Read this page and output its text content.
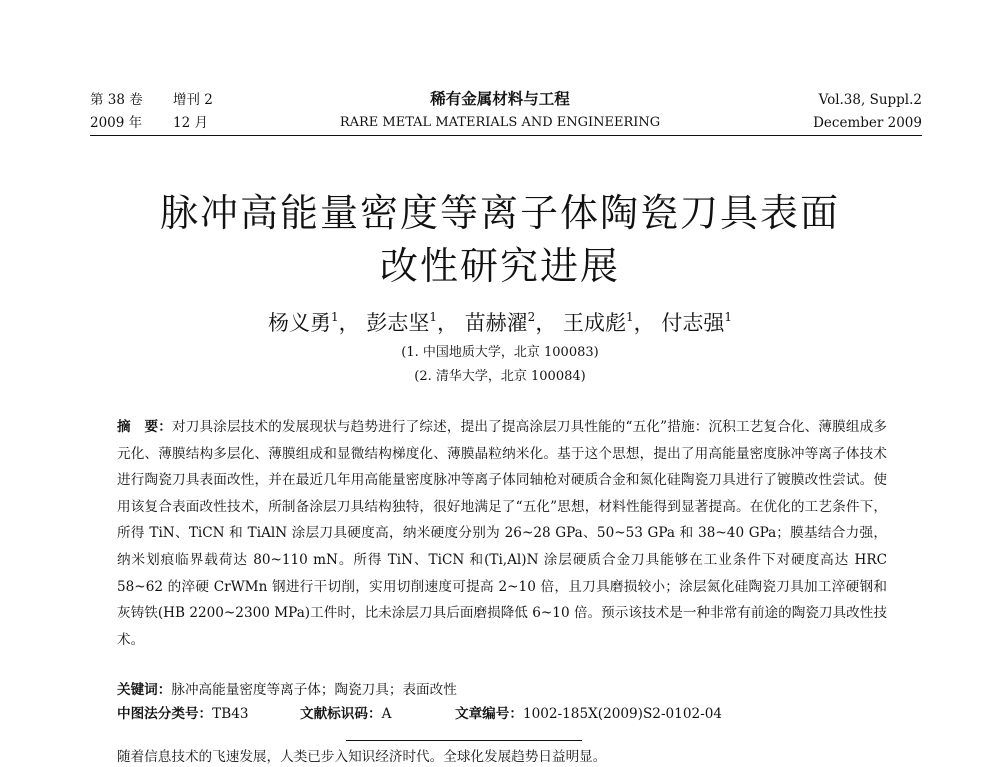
第 38 卷 增刊 2
2009 年 12 月
稀有金属材料与工程
RARE METAL MATERIALS AND ENGINEERING
Vol.38, Suppl.2
December 2009
脉冲高能量密度等离子体陶瓷刀具表面
改性研究进展
杨义勇$^1$， 彭志坚$^1$， 苗赫濯$^2$， 王成彪$^1$， 付志强$^1$
(1. 中国地质大学，北京 100083)
(2. 清华大学，北京 100084)
摘　要：对刀具涂层技术的发展现状与趋势进行了综述，提出了提高涂层刀具性能的“五化”措施：沉积工艺复合化、薄膜组成多元化、薄膜结构多层化、薄膜组成和显微结构梯度化、薄膜晶粒纳米化。基于这个思想，提出了用高能量密度脉冲等离子体技术进行陶瓷刀具表面改性，并在最近几年用高能量密度脉冲等离子体同轴枪对硬质合金和氮化硅陶瓷刀具进行了镀膜改性尝试。使用该复合表面改性技术，所制备涂层刀具结构独特，很好地满足了“五化”思想，材料性能得到显著提高。在优化的工艺条件下，所得 TiN、TiCN 和 TiAlN 涂层刀具硬度高，纳米硬度分别为 26~28 GPa、50~53 GPa 和 38~40 GPa；膜基结合力强，纳米划痕临界载荷达 80~110 mN。所得 TiN、TiCN 和(Ti,Al)N 涂层硬质合金刀具能够在工业条件下对硬度高达 HRC 58~62 的淬硬 CrWMn 钢进行干切削，实用切削速度可提高 2~10 倍，且刀具磨损较小；涂层氮化硅陶瓷刀具加工淬硬钢和灰铸铁(HB 2200~2300 MPa)工件时，比未涂层刀具后面磨损降低 6~10 倍。预示该技术是一种非常有前途的陶瓷刀具改性技术。
关键词：脉冲高能量密度等离子体；陶瓷刀具；表面改性
中图法分类号：TB43	文献标识码：A	文章编号：1002-185X(2009)S2-0102-04
随着信息技术的飞速发展，人类已步入知识经济时代。全球化发展趋势日益明显。
